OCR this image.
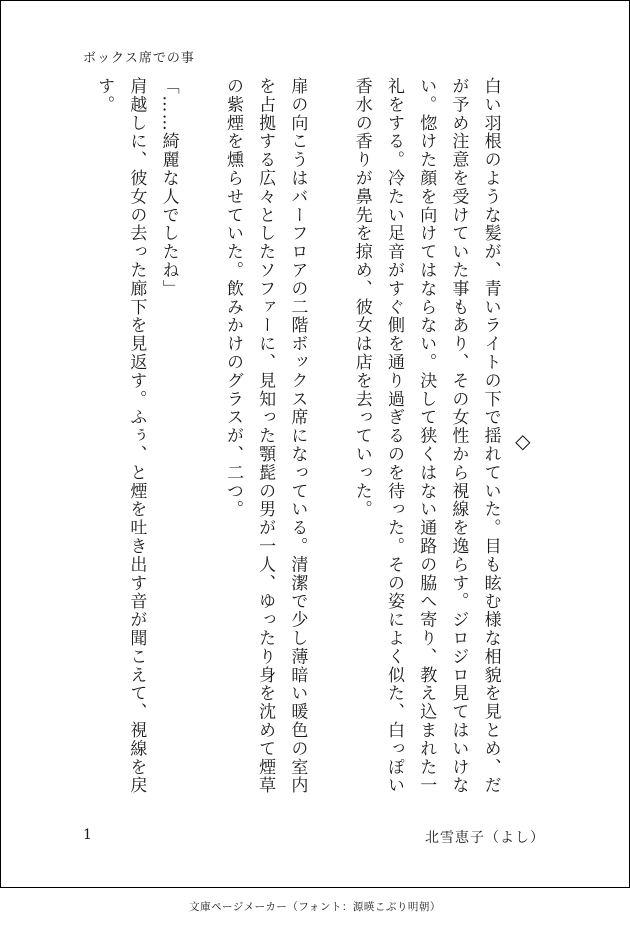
ボックス席での事

◇

白い羽根のような髪が、青いライトの下で揺れていた。目も眩む様な相貌を見とめ、だが予め注意を受けていた事もあり、その女性から視線を逸らす。ジロジロ見てはいけない。惚けた顔を向けてはならない。決して狭くはない通路の脇へ寄り、教え込まれた一礼をする。冷たい足音がすぐ側を通り過ぎるのを待った。その姿によく似た、白っぽい香水の香りが鼻先を掠め、彼女は店を去っていった。

扉の向こうはバーフロアの二階ボックス席になっている。清潔で少し薄暗い暖色の室内を占拠する広々としたソファーに、見知った顎髭の男が一人、ゆったり身を沈めて煙草の紫煙を燻らせていた。飲みかけのグラスが、二つ。

「……綺麗な人でしたね」

肩越しに、彼女の去った廊下を見返す。ふぅ、と煙を吐き出す音が聞こえて、視線を戻す。

1	北雪恵子（よし）
文庫ページメーカー（フォント：源暎こぶり明朝）
